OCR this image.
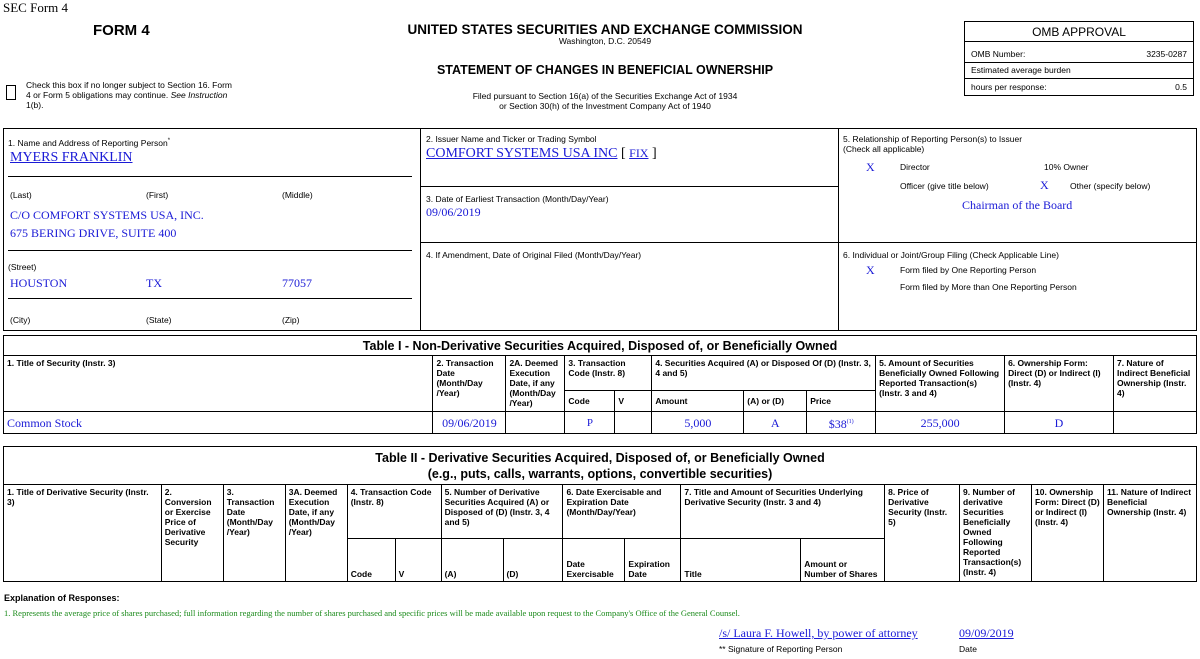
SEC Form 4
FORM 4
Check this box if no longer subject to Section 16. Form
4 or Form 5 obligations may continue. See Instruction
1(b).
UNITED STATES SECURITIES AND EXCHANGE COMMISSION
Washington, D.C. 20549
STATEMENT OF CHANGES IN BENEFICIAL OWNERSHIP
Filed pursuant to Section 16(a) of the Securities Exchange Act of 1934
or Section 30(h) of the Investment Company Act of 1940
OMB APPROVAL
OMB Number:	3235-0287
Estimated average burden
hours per response:	0.5
1. Name and Address of Reporting Person*
MYERS FRANKLIN
(Last)	(First)	(Middle)
C/O COMFORT SYSTEMS USA, INC.
675 BERING DRIVE, SUITE 400
(Street)
HOUSTON	TX	77057
(City)	(State)	(Zip)
2. Issuer Name and Ticker or Trading Symbol
COMFORT SYSTEMS USA INC [ FIX ]
3. Date of Earliest Transaction (Month/Day/Year)
09/06/2019
4. If Amendment, Date of Original Filed (Month/Day/Year)
5. Relationship of Reporting Person(s) to Issuer
(Check all applicable)
X	Director	10% Owner
Officer (give title below)	X	Other (specify below)
Chairman of the Board
6. Individual or Joint/Group Filing (Check Applicable Line)
X	Form filed by One Reporting Person
Form filed by More than One Reporting Person
Table I - Non-Derivative Securities Acquired, Disposed of, or Beneficially Owned										
1. Title of Security (Instr. 3)	2. Transaction Date (Month/Day /Year)	2A. Deemed Execution Date, if any (Month/Day /Year)	3. Transaction Code (Instr. 8)		4. Securities Acquired (A) or Disposed Of (D) (Instr. 3, 4 and 5)			5. Amount of Securities Beneficially Owned Following Reported Transaction(s) (Instr. 3 and 4)	6. Ownership Form: Direct (D) or Indirect (I) (Instr. 4)	7. Nature of Indirect Beneficial Ownership (Instr. 4)
			Code	V	Amount	(A) or (D)	Price			
Common Stock	09/06/2019		P		5,000	A	$38$^{(1)}$	255,000	D	
Table II - Derivative Securities Acquired, Disposed of, or Beneficially Owned
(e.g., puts, calls, warrants, options, convertible securities)															
1. Title of Derivative Security (Instr. 3)	2. Conversion or Exercise Price of Derivative Security	3. Transaction Date (Month/Day /Year)	3A. Deemed Execution Date, if any (Month/Day /Year)	4. Transaction Code (Instr. 8)		5. Number of Derivative Securities Acquired (A) or Disposed of (D) (Instr. 3, 4 and 5)		6. Date Exercisable and Expiration Date (Month/Day/Year)		7. Title and Amount of Securities Underlying Derivative Security (Instr. 3 and 4)		8. Price of Derivative Security (Instr. 5)	9. Number of derivative Securities Beneficially Owned Following Reported Transaction(s) (Instr. 4)	10. Ownership Form: Direct (D) or Indirect (I) (Instr. 4)	11. Nature of Indirect Beneficial Ownership (Instr. 4)
				Code	V	(A)	(D)	Date Exercisable	Expiration Date	Title	Amount or Number of Shares				
Explanation of Responses:
1. Represents the average price of shares purchased; full information regarding the number of shares purchased and specific prices will be made available upon request to the Company's Office of the General Counsel.
/s/ Laura F. Howell, by power of attorney	09/09/2019
** Signature of Reporting Person	Date
